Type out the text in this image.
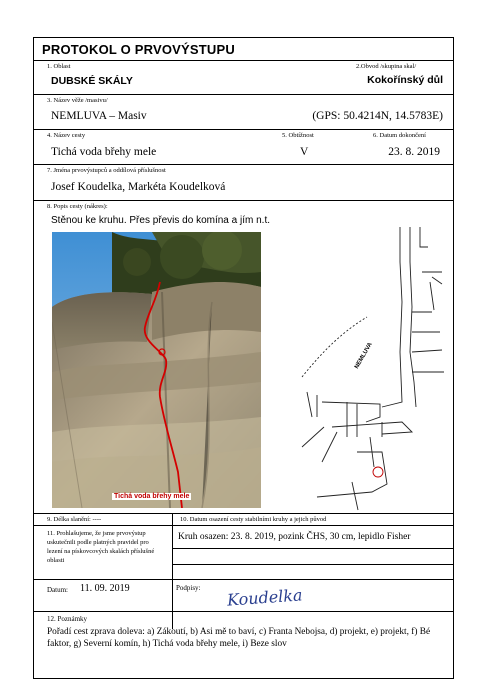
PROTOKOL O PRVOVÝSTUPU
1. Oblast
DUBSKÉ SKÁLY
2.Obvod /skupina skal/
Kokořínský důl
3. Název věže /masivu/
NEMLUVA – Masiv	(GPS: 50.4214N, 14.5783E)
4. Název cesty
Tichá voda břehy mele
5. Obtížnost
V
6. Datum dokončení
23. 8. 2019
7. Jména prvovýstupců a oddílová příslušnost
Josef Koudelka, Markéta Koudelková
8. Popis cesty (nákres):
Stěnou ke kruhu. Přes převis do komína a jím n.t.
Tichá voda břehy mele
NEMLUVA
9. Délka slanění: ----	10. Datum osazení cesty stabilními kruhy a jejich původ
11. Prohlašujeme, že jsme prvovýstup uskutečnili podle platných pravidel pro lezení na pískovcových skalách příslušné oblasti
Kruh osazen: 23. 8. 2019, pozink ČHS, 30 cm, lepidlo Fisher
Datum: 11. 09. 2019	Podpisy: Koudelka
12. Poznámky
Pořadí cest zprava doleva: a) Zákoutí, b) Asi mě to baví, c) Franta Nebojsa, d) projekt, e) projekt, f) Bé faktor, g) Severní komín, h) Tichá voda břehy mele, i) Beze slov
